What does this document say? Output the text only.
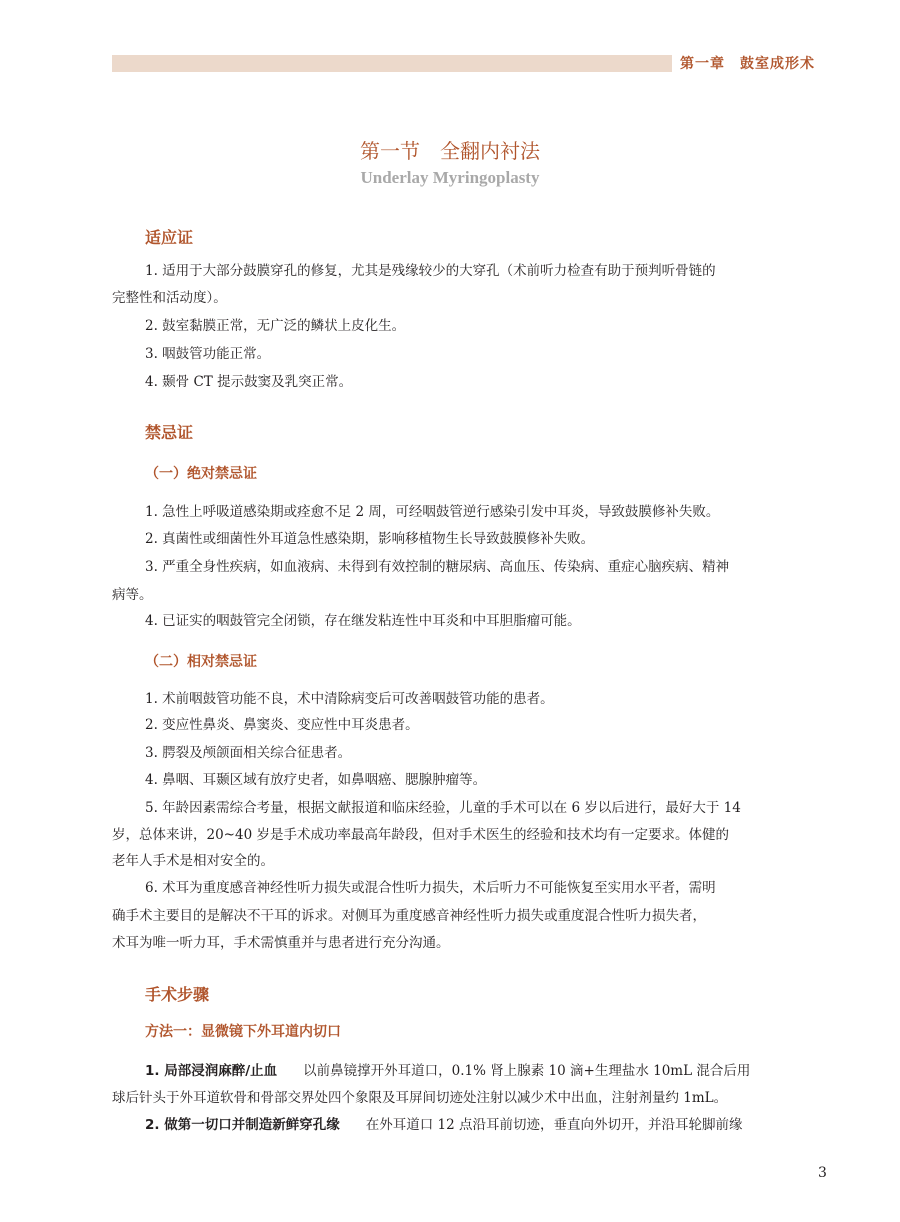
第一章　鼓室成形术
第一节　全翻内衬法
Underlay Myringoplasty
适应证
1. 适用于大部分鼓膜穿孔的修复，尤其是残缘较少的大穿孔（术前听力检查有助于预判听骨链的
完整性和活动度）。
2. 鼓室黏膜正常，无广泛的鳞状上皮化生。
3. 咽鼓管功能正常。
4. 颞骨 CT 提示鼓窦及乳突正常。
禁忌证
（一）绝对禁忌证
1. 急性上呼吸道感染期或痊愈不足 2 周，可经咽鼓管逆行感染引发中耳炎，导致鼓膜修补失败。
2. 真菌性或细菌性外耳道急性感染期，影响移植物生长导致鼓膜修补失败。
3. 严重全身性疾病，如血液病、未得到有效控制的糖尿病、高血压、传染病、重症心脑疾病、精神
病等。
4. 已证实的咽鼓管完全闭锁，存在继发粘连性中耳炎和中耳胆脂瘤可能。
（二）相对禁忌证
1. 术前咽鼓管功能不良，术中清除病变后可改善咽鼓管功能的患者。
2. 变应性鼻炎、鼻窦炎、变应性中耳炎患者。
3. 腭裂及颅颌面相关综合征患者。
4. 鼻咽、耳颞区域有放疗史者，如鼻咽癌、腮腺肿瘤等。
5. 年龄因素需综合考量，根据文献报道和临床经验，儿童的手术可以在 6 岁以后进行，最好大于 14
岁，总体来讲，20~40 岁是手术成功率最高年龄段，但对手术医生的经验和技术均有一定要求。体健的
老年人手术是相对安全的。
6. 术耳为重度感音神经性听力损失或混合性听力损失，术后听力不可能恢复至实用水平者，需明
确手术主要目的是解决不干耳的诉求。对侧耳为重度感音神经性听力损失或重度混合性听力损失者，
术耳为唯一听力耳，手术需慎重并与患者进行充分沟通。
手术步骤
方法一：显微镜下外耳道内切口
1. 局部浸润麻醉/止血 以前鼻镜撑开外耳道口，0.1% 肾上腺素 10 滴+生理盐水 10mL 混合后用
球后针头于外耳道软骨和骨部交界处四个象限及耳屏间切迹处注射以减少术中出血，注射剂量约 1mL。
2. 做第一切口并制造新鲜穿孔缘 在外耳道口 12 点沿耳前切迹，垂直向外切开，并沿耳轮脚前缘
3
